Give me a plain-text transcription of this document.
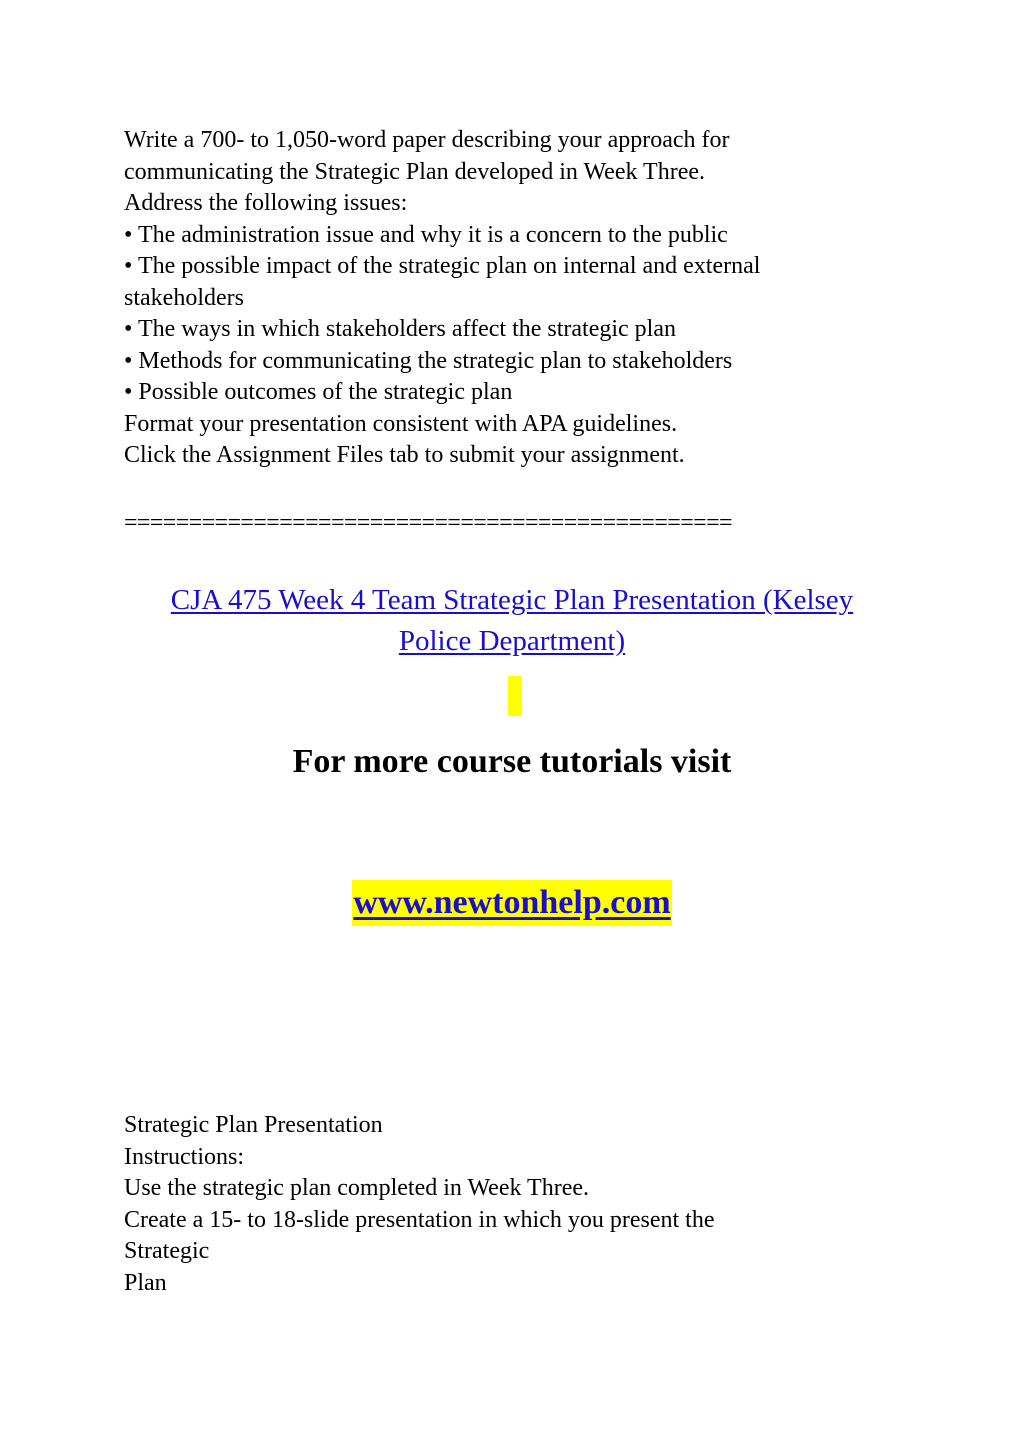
Write a 700- to 1,050-word paper describing your approach for
communicating the Strategic Plan developed in Week Three.
Address the following issues:
• The administration issue and why it is a concern to the public
• The possible impact of the strategic plan on internal and external
stakeholders
• The ways in which stakeholders affect the strategic plan
• Methods for communicating the strategic plan to stakeholders
• Possible outcomes of the strategic plan
Format your presentation consistent with APA guidelines.
Click the Assignment Files tab to submit your assignment.
===============================================
CJA 475 Week 4 Team Strategic Plan Presentation (Kelsey
Police Department)
For more course tutorials visit
www.newtonhelp.com
Strategic Plan Presentation
Instructions:
Use the strategic plan completed in Week Three.
Create a 15- to 18-slide presentation in which you present the
Strategic
Plan
